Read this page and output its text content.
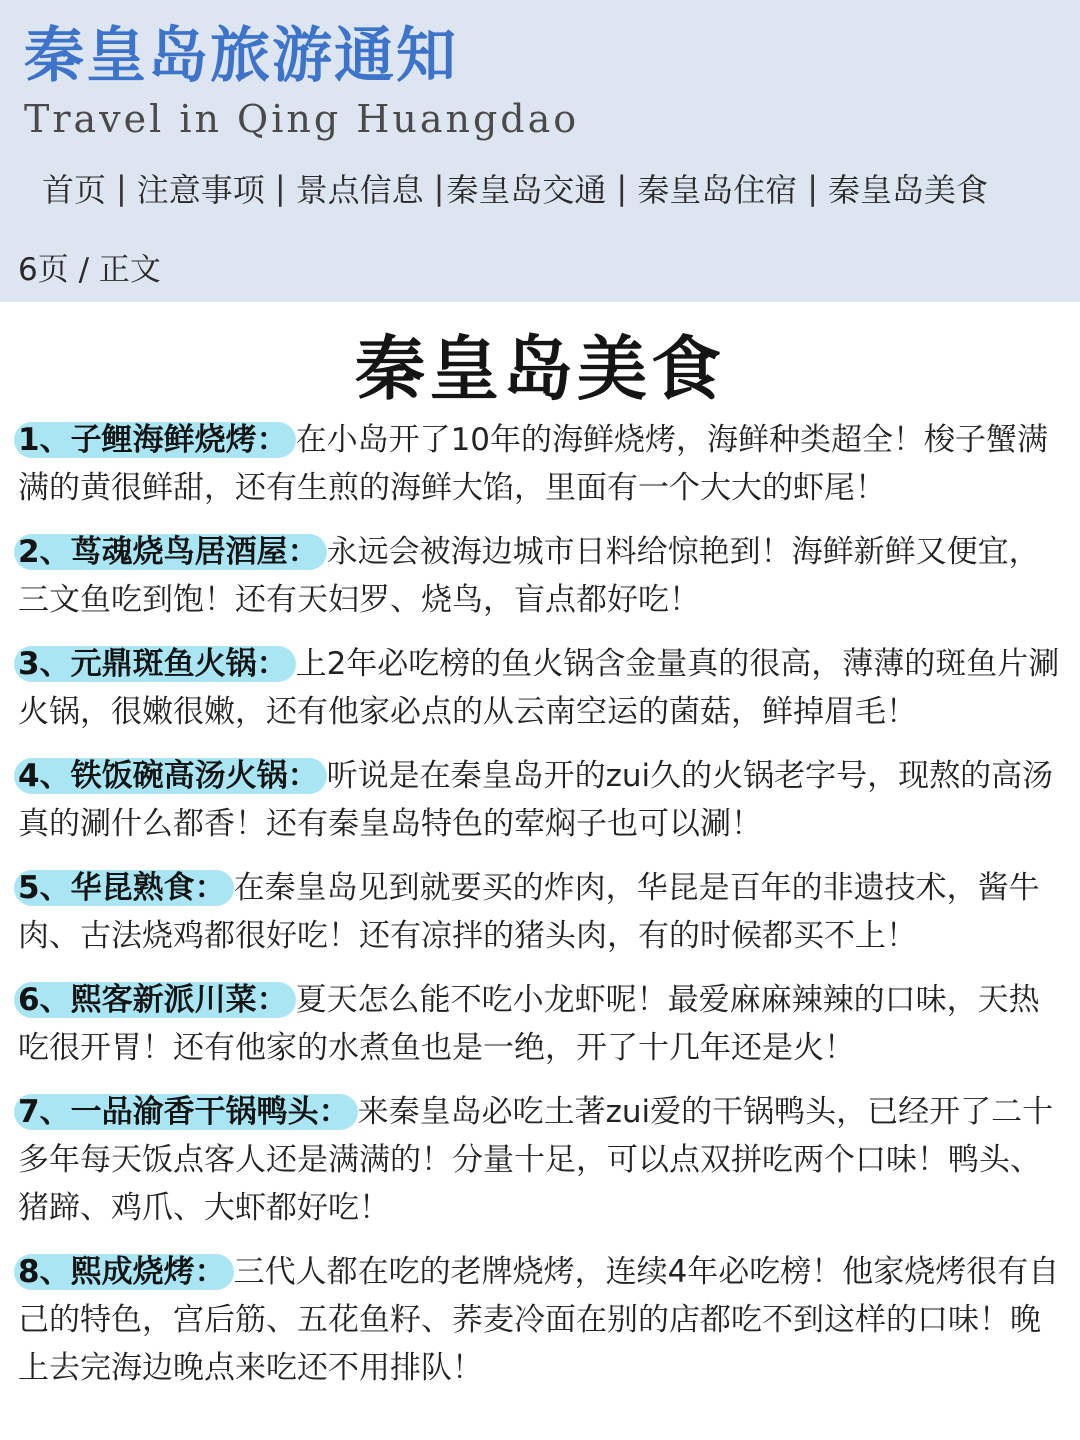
秦皇岛旅游通知
Travel in Qing Huangdao
首页 | 注意事项 | 景点信息 | 秦皇岛交通 | 秦皇岛住宿 | 秦皇岛美食
6页 / 正文
秦皇岛美食
1、子鲤海鲜烧烤： 在小岛开了10年的海鲜烧烤，海鲜种类超全！梭子蟹满满的黄很鲜甜，还有生煎的海鲜大馅，里面有一个大大的虾尾！
2、茑魂烧鸟居酒屋： 永远会被海边城市日料给惊艳到！海鲜新鲜又便宜，三文鱼吃到饱！还有天妇罗、烧鸟，盲点都好吃！
3、元鼎斑鱼火锅： 上2年必吃榜的鱼火锅含金量真的很高，薄薄的斑鱼片涮火锅，很嫩很嫩，还有他家必点的从云南空运的菌菇，鲜掉眉毛！
4、铁饭碗高汤火锅： 听说是在秦皇岛开的zui久的火锅老字号，现熬的高汤真的涮什么都香！还有秦皇岛特色的荤焖子也可以涮！
5、华昆熟食： 在秦皇岛见到就要买的炸肉，华昆是百年的非遗技术，酱牛肉、古法烧鸡都很好吃！还有凉拌的猪头肉，有的时候都买不上！
6、熙客新派川菜： 夏天怎么能不吃小龙虾呢！最爱麻麻辣辣的口味，天热吃很开胃！还有他家的水煮鱼也是一绝，开了十几年还是火！
7、一品渝香干锅鸭头： 来秦皇岛必吃土著zui爱的干锅鸭头，已经开了二十多年每天饭点客人还是满满的！分量十足，可以点双拼吃两个口味！鸭头、猪蹄、鸡爪、大虾都好吃！
8、熙成烧烤： 三代人都在吃的老牌烧烤，连续4年必吃榜！他家烧烤很有自己的特色，宫后筋、五花鱼籽、荞麦冷面在别的店都吃不到这样的口味！晚上去完海边晚点来吃还不用排队！
